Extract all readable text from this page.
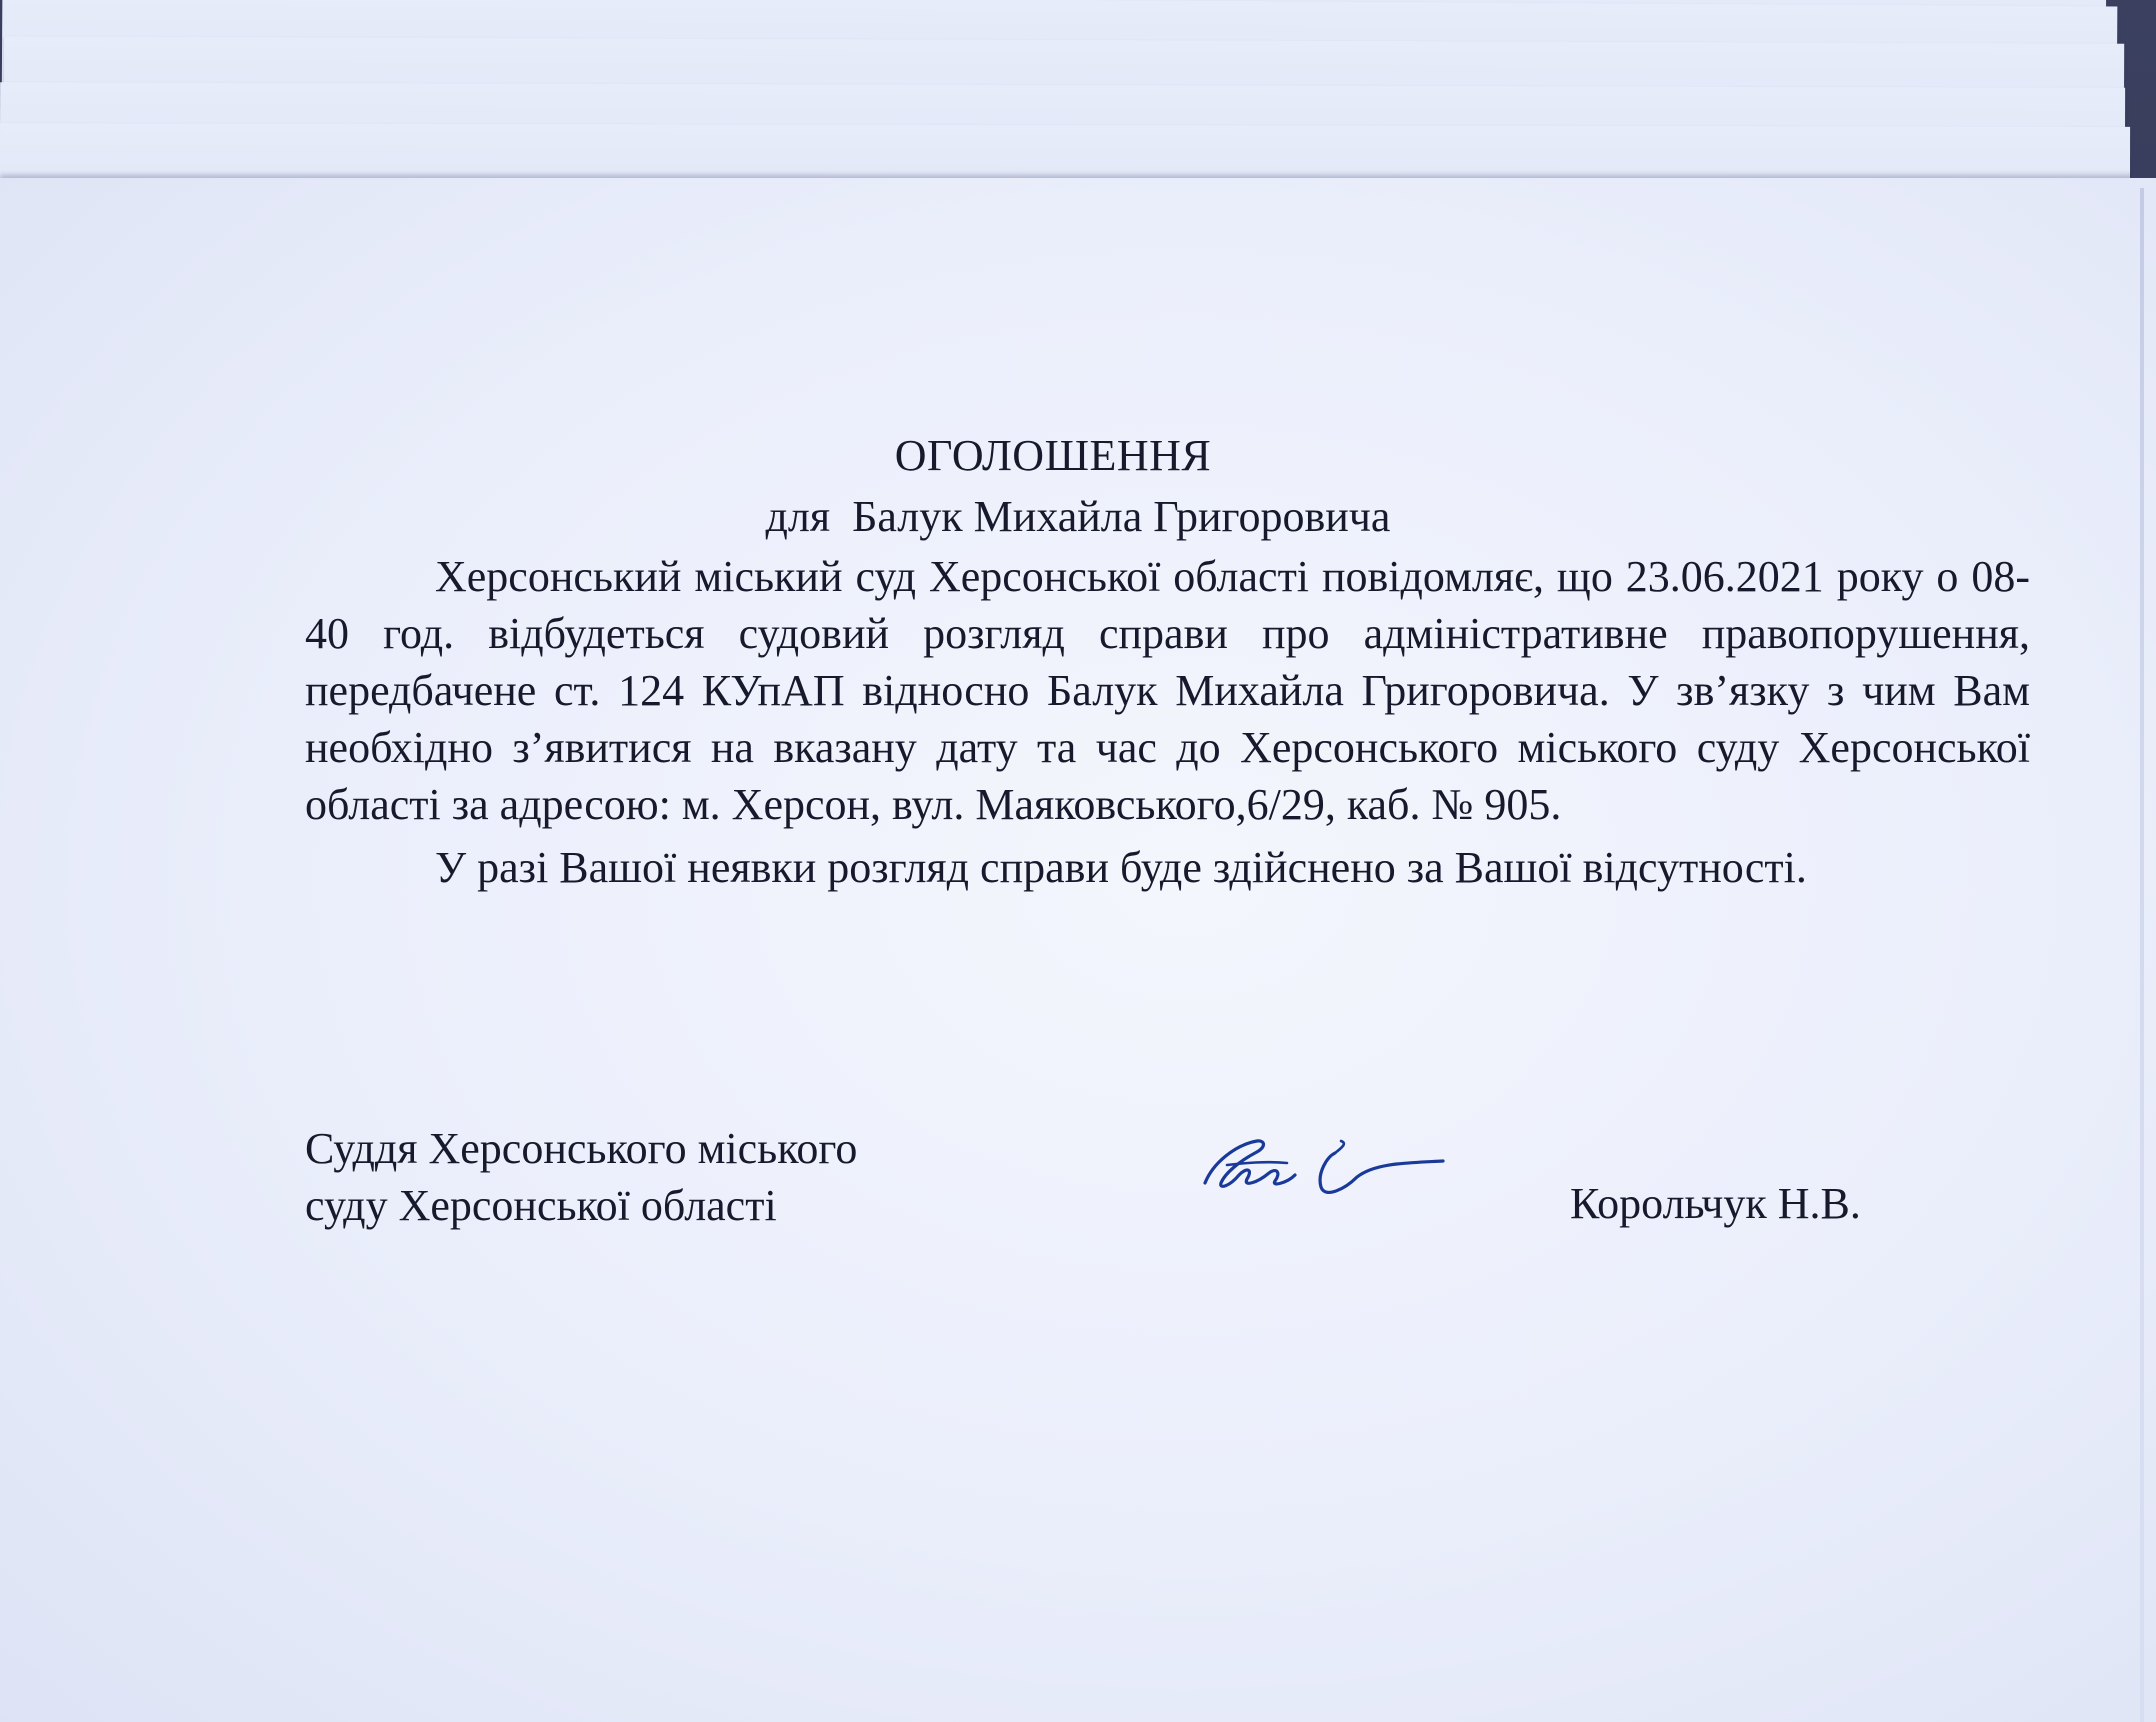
ОГОЛОШЕННЯ
для  Балук Михайла Григоровича

Херсонський міський суд Херсонської області повідомляє, що 23.06.2021 року о 08-40 год. відбудеться судовий розгляд справи про адміністративне правопорушення, передбачене ст. 124 КУпАП відносно Балук Михайла Григоровича. У зв’язку з чим Вам необхідно з’явитися на вказану дату та час до Херсонського міського суду Херсонської області за адресою: м. Херсон, вул. Маяковського,6/29, каб. № 905.

У разі Вашої неявки розгляд справи буде здійснено за Вашої відсутності.

Суддя Херсонського міського
суду Херсонської області	Корольчук Н.В.
